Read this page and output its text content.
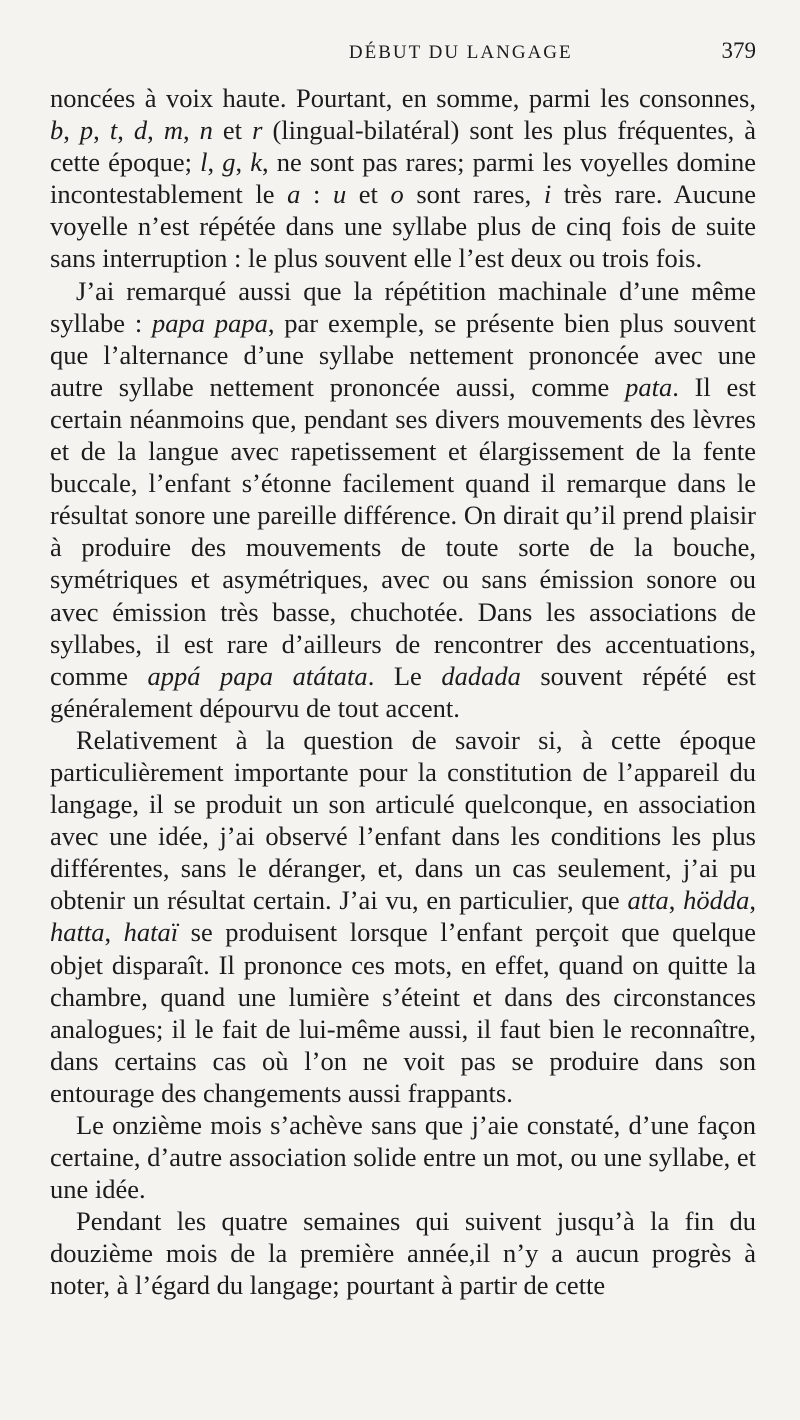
DÉBUT DU LANGAGE	379

noncées à voix haute. Pourtant, en somme, parmi les consonnes, b, p, t, d, m, n et r (lingual-bilatéral) sont les plus fréquentes, à cette époque; l, g, k, ne sont pas rares; parmi les voyelles domine incontestablement le a : u et o sont rares, i très rare. Aucune voyelle n’est répétée dans une syllabe plus de cinq fois de suite sans interruption : le plus souvent elle l’est deux ou trois fois.

J’ai remarqué aussi que la répétition machinale d’une même syllabe : papa papa, par exemple, se présente bien plus souvent que l’alternance d’une syllabe nettement prononcée avec une autre syllabe nettement prononcée aussi, comme pata. Il est certain néanmoins que, pendant ses divers mouvements des lèvres et de la langue avec rapetissement et élargissement de la fente buccale, l’enfant s’étonne facilement quand il remarque dans le résultat sonore une pareille différence. On dirait qu’il prend plaisir à produire des mouvements de toute sorte de la bouche, symétriques et asymétriques, avec ou sans émission sonore ou avec émission très basse, chuchotée. Dans les associations de syllabes, il est rare d’ailleurs de rencontrer des accentuations, comme appá papa atátata. Le dadada souvent répété est généralement dépourvu de tout accent.

Relativement à la question de savoir si, à cette époque particulièrement importante pour la constitution de l’appareil du langage, il se produit un son articulé quelconque, en association avec une idée, j’ai observé l’enfant dans les conditions les plus différentes, sans le déranger, et, dans un cas seulement, j’ai pu obtenir un résultat certain. J’ai vu, en particulier, que atta, hödda, hatta, hataï se produisent lorsque l’enfant perçoit que quelque objet disparaît. Il prononce ces mots, en effet, quand on quitte la chambre, quand une lumière s’éteint et dans des circonstances analogues; il le fait de lui-même aussi, il faut bien le reconnaître, dans certains cas où l’on ne voit pas se produire dans son entourage des changements aussi frappants.

Le onzième mois s’achève sans que j’aie constaté, d’une façon certaine, d’autre association solide entre un mot, ou une syllabe, et une idée.

Pendant les quatre semaines qui suivent jusqu’à la fin du douzième mois de la première année,il n’y a aucun progrès à noter, à l’égard du langage; pourtant à partir de cette
